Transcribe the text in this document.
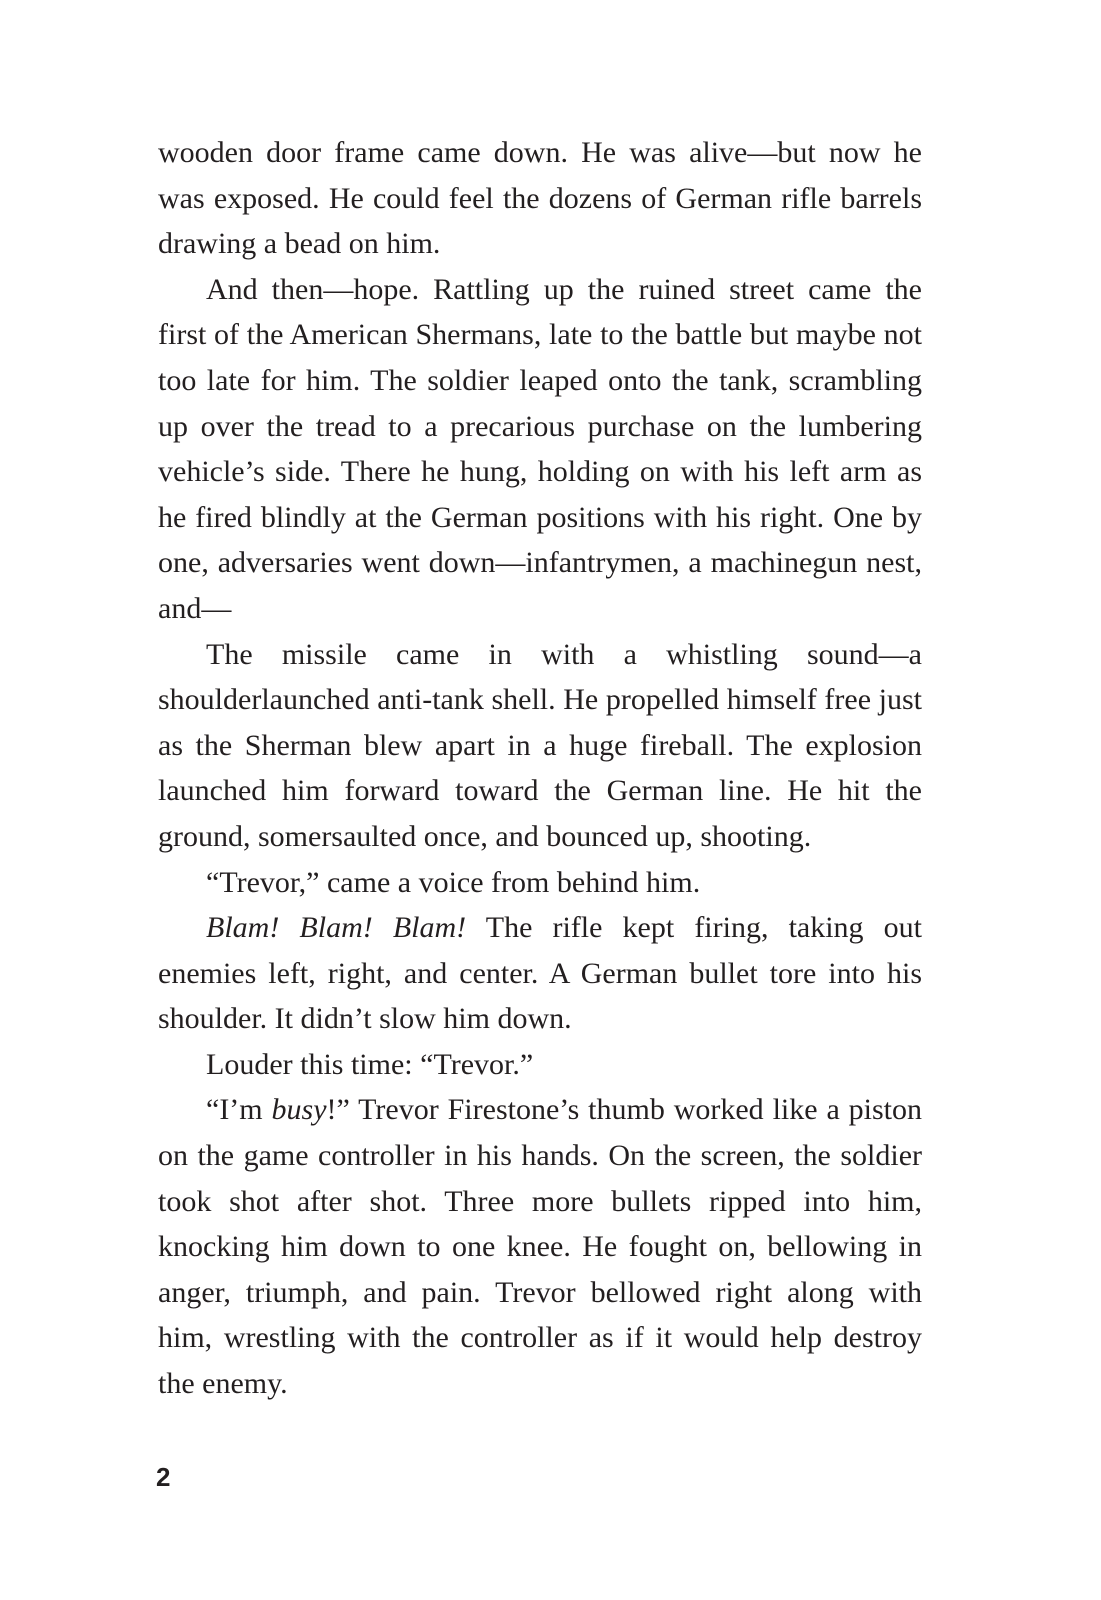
wooden door frame came down. He was alive—but now he was exposed. He could feel the dozens of German rifle barrels drawing a bead on him.

And then—hope. Rattling up the ruined street came the first of the American Shermans, late to the battle but maybe not too late for him. The soldier leaped onto the tank, scrambling up over the tread to a precarious purchase on the lumbering vehicle’s side. There he hung, holding on with his left arm as he fired blindly at the German positions with his right. One by one, adversaries went down—infantrymen, a machinegun nest, and—

The missile came in with a whistling sound—a shoulderlaunched anti-tank shell. He propelled himself free just as the Sherman blew apart in a huge fireball. The explosion launched him forward toward the German line. He hit the ground, somersaulted once, and bounced up, shooting.

“Trevor,” came a voice from behind him.

Blam! Blam! Blam! The rifle kept firing, taking out enemies left, right, and center. A German bullet tore into his shoulder. It didn’t slow him down.

Louder this time: “Trevor.”

“I’m busy!” Trevor Firestone’s thumb worked like a piston on the game controller in his hands. On the screen, the soldier took shot after shot. Three more bullets ripped into him, knocking him down to one knee. He fought on, bellowing in anger, triumph, and pain. Trevor bellowed right along with him, wrestling with the controller as if it would help destroy the enemy.

2
